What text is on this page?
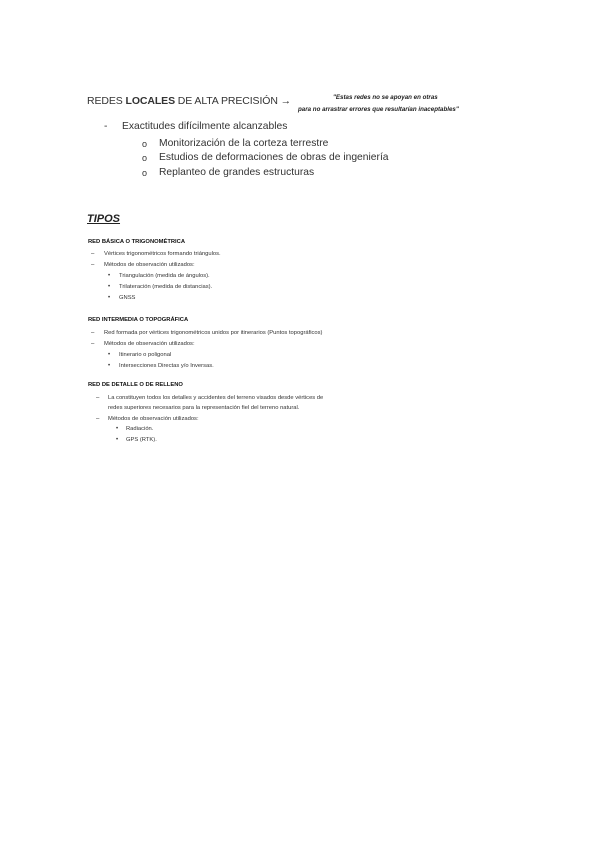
REDES LOCALES DE ALTA PRECISIÓN →	"Estas redes no se apoyan en otras
para no arrastrar errores que resultarían inaceptables"
- Exactitudes difícilmente alcanzables
o Monitorización de la corteza terrestre
o Estudios de deformaciones de obras de ingeniería
o Replanteo de grandes estructuras
TIPOS
RED BÁSICA O TRIGONOMÉTRICA
– Vértices trigonométricos formando triángulos.
– Métodos de observación utilizados:
• Triangulación (medida de ángulos).
• Trilateración (medida de distancias).
• GNSS
RED INTERMEDIA O TOPOGRÁFICA
– Red formada por vértices trigonométricos unidos por itinerarios (Puntos topográficos)
– Métodos de observación utilizados:
• Itinerario o poligonal
• Intersecciones Directas y/o Inversas.
RED DE DETALLE O DE RELLENO
– La constituyen todos los detalles y accidentes del terreno visados desde vértices de
redes superiores necesarios para la representación fiel del terreno natural.
– Métodos de observación utilizados:
• Radiación.
• GPS (RTK).
